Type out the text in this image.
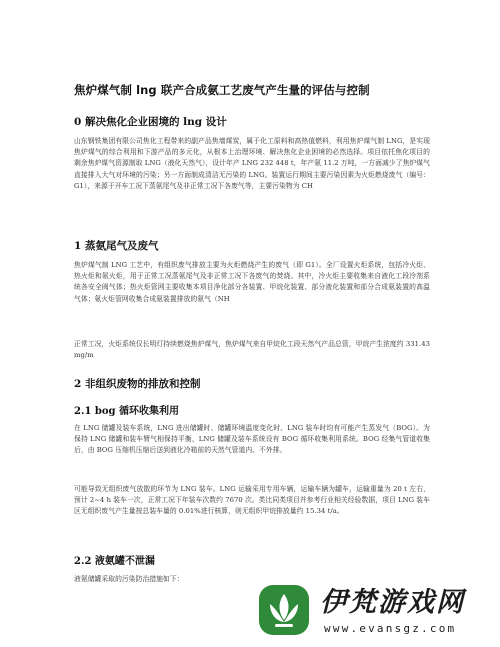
焦炉煤气制 lng 联产合成氨工艺废气产生量的评估与控制
0 解决焦化企业困境的 lng 设计
山东钢铁集团有限公司焦化工程带来的副产品焦墙煤炭，属于化工原料和高热值燃料，利用焦炉煤气制 LNG，是实现焦炉煤气的综合利用和下游产品的多元化，从根本上治理环境、解决焦化企业困境的必然选择。项目依托焦化项目的剩余焦炉煤气资源制取 LNG（液化天然气），设计年产 LNG 232 448 t，年产氨 11.2 万吨，一方面减少了焦炉煤气直接排入大气对环境的污染；另一方面制成清洁无污染的 LNG。装置运行期间主要污染因素为火炬燃烧废气（编号：G1），来源于开车工况下蒸氨尾气及非正常工况下各废气等，主要污染物为 CH
1 蒸氨尾气及废气
焦炉煤气制 LNG 工艺中，有组织废气排放主要为火炬燃烧产生的废气（即 G1）。全厂设置火炬系统，包括冷火炬、热火炬和氨火炬，用于正常工况蒸氨尾气及非正常工况下各废气的焚烧。其中，冷火炬主要收集来自液化工段冷剂系统各安全阀气体；热火炬管网主要收集本项目净化部分各装置、甲烷化装置、部分液化装置和部分合成氨装置的高温气体；氨火炬管网收集合成氨装置排放的氨气（NH
正常工况，火炬系统仅长明灯持续燃烧焦炉煤气，焦炉煤气来自甲烷化工段天然气产品总管，甲烷产生浓度约 331.43 mg/m
2 非组织废物的排放和控制
2.1 bog 循环收集利用
在 LNG 储罐及装车系统，LNG 进出储罐时、储罐环境温度变化时、LNG 装车时均有可能产生蒸发气（BOG）。为保持 LNG 储罐和装车臂气相保持平衡，LNG 储罐及装车系统设有 BOG 循环收集利用系统。BOG 经集气管道收集后，由 BOG 压缩机压缩后送到液化冷箱前的天然气管道内、不外排。
可能导致无组织废气放散的环节为 LNG 装车。LNG 运输采用专用车辆，运输车辆为罐车，运输重量为 20 t 左右，预计 2~4 h 装车一次，正常工况下年装车次数约 7670 次。类比同类项目并参考行业相关经验数据，项目 LNG 装车区无组织废气产生量按总装车量的 0.01%进行核算，则无组织甲烷排放量约 15.34 t/a。
2.2 液氨罐不泄漏
液氨储罐采取的污染防治措施如下：
伊梵游戏网
www.evansgz.com
